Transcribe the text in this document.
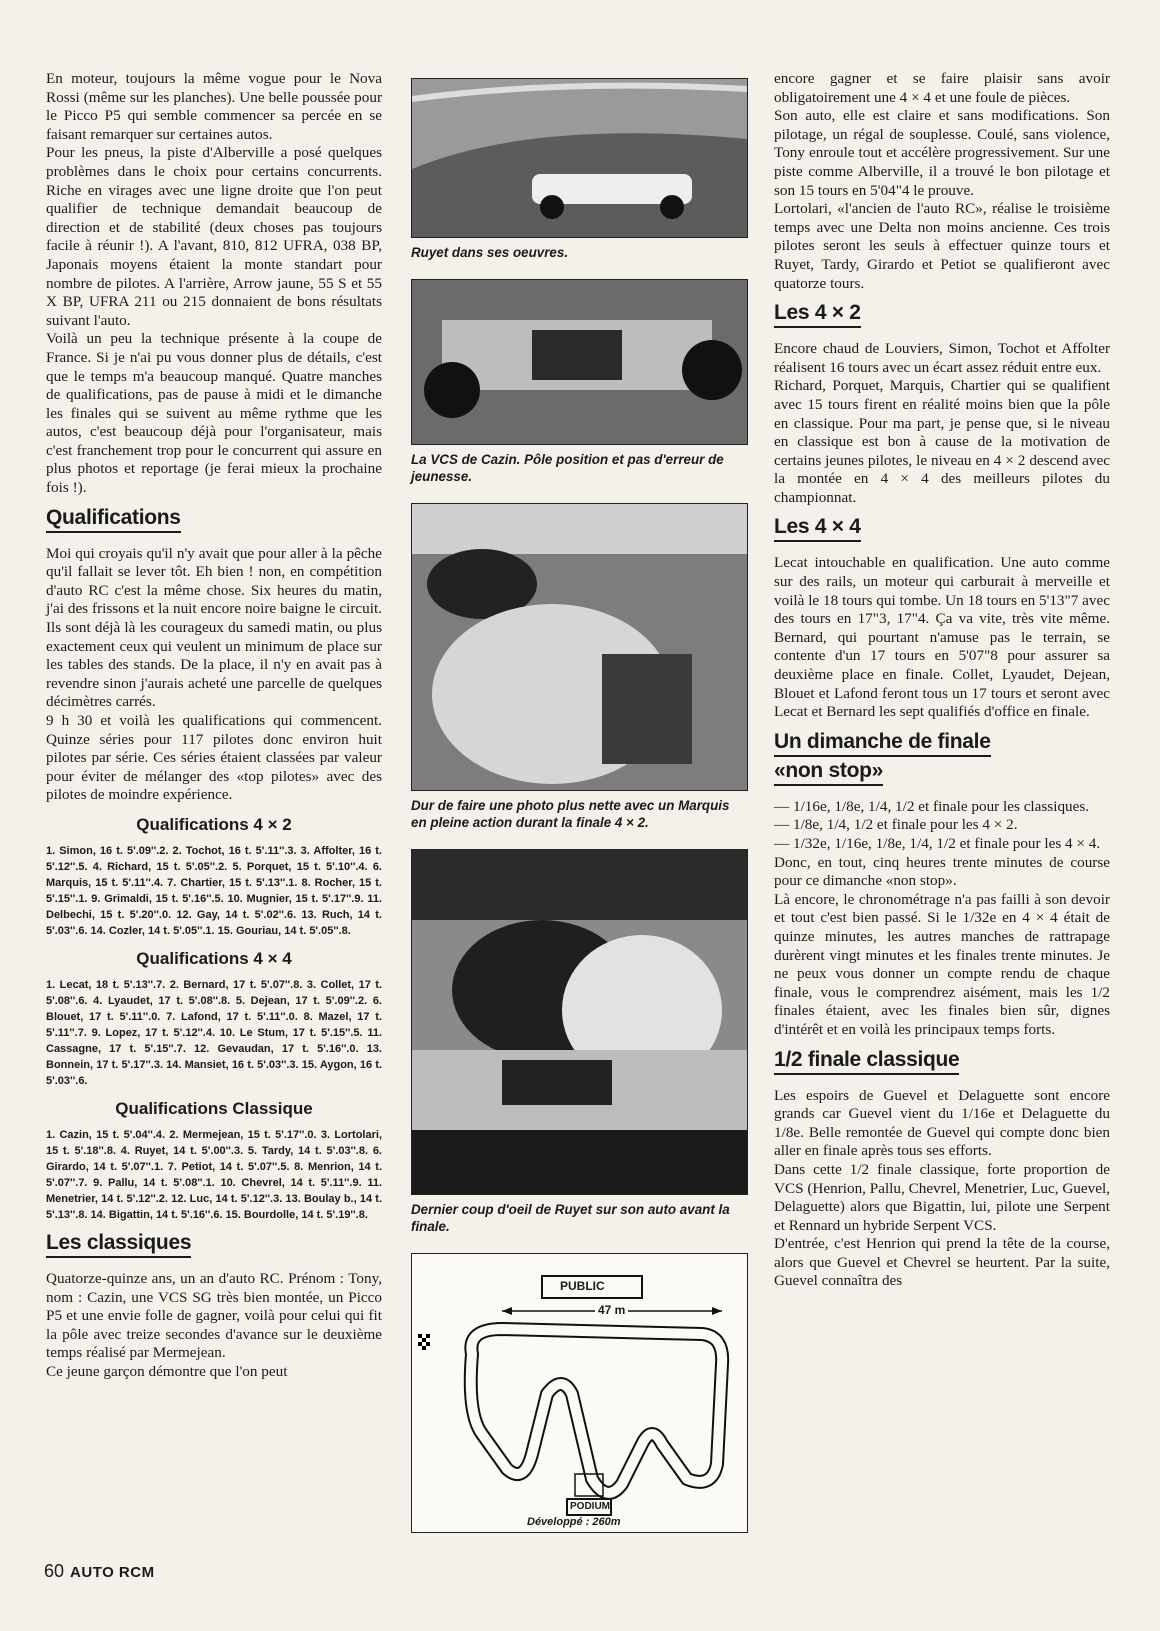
En moteur, toujours la même vogue pour le Nova Rossi (même sur les planches). Une belle poussée pour le Picco P5 qui semble commencer sa percée en se faisant remarquer sur certaines autos.

Pour les pneus, la piste d'Alberville a posé quelques problèmes dans le choix pour certains concurrents. Riche en virages avec une ligne droite que l'on peut qualifier de technique demandait beaucoup de direction et de stabilité (deux choses pas toujours facile à réunir !). A l'avant, 810, 812 UFRA, 038 BP, Japonais moyens étaient la monte standart pour nombre de pilotes. A l'arrière, Arrow jaune, 55 S et 55 X BP, UFRA 211 ou 215 donnaient de bons résultats suivant l'auto.

Voilà un peu la technique présente à la coupe de France. Si je n'ai pu vous donner plus de détails, c'est que le temps m'a beaucoup manqué. Quatre manches de qualifications, pas de pause à midi et le dimanche les finales qui se suivent au même rythme que les autos, c'est beaucoup déjà pour l'organisateur, mais c'est franchement trop pour le concurrent qui assure en plus photos et reportage (je ferai mieux la prochaine fois !).

Qualifications

Moi qui croyais qu'il n'y avait que pour aller à la pêche qu'il fallait se lever tôt. Eh bien ! non, en compétition d'auto RC c'est la même chose. Six heures du matin, j'ai des frissons et la nuit encore noire baigne le circuit. Ils sont déjà là les courageux du samedi matin, ou plus exactement ceux qui veulent un minimum de place sur les tables des stands. De la place, il n'y en avait pas à revendre sinon j'aurais acheté une parcelle de quelques décimètres carrés.

9 h 30 et voilà les qualifications qui commencent. Quinze séries pour 117 pilotes donc environ huit pilotes par série. Ces séries étaient classées par valeur pour éviter de mélanger des «top pilotes» avec des pilotes de moindre expérience.

Qualifications 4 × 2

1. Simon, 16 t. 5'.09''.2. 2. Tochot, 16 t. 5'.11''.3. 3. Affolter, 16 t. 5'.12''.5. 4. Richard, 15 t. 5'.05''.2. 5. Porquet, 15 t. 5'.10''.4. 6. Marquis, 15 t. 5'.11''.4. 7. Chartier, 15 t. 5'.13''.1. 8. Rocher, 15 t. 5'.15''.1. 9. Grimaldi, 15 t. 5'.16''.5. 10. Mugnier, 15 t. 5'.17''.9. 11. Delbechi, 15 t. 5'.20''.0. 12. Gay, 14 t. 5'.02''.6. 13. Ruch, 14 t. 5'.03''.6. 14. Cozler, 14 t. 5'.05''.1. 15. Gouriau, 14 t. 5'.05''.8.

Qualifications 4 × 4

1. Lecat, 18 t. 5'.13''.7. 2. Bernard, 17 t. 5'.07''.8. 3. Collet, 17 t. 5'.08''.6. 4. Lyaudet, 17 t. 5'.08''.8. 5. Dejean, 17 t. 5'.09''.2. 6. Blouet, 17 t. 5'.11''.0. 7. Lafond, 17 t. 5'.11''.0. 8. Mazel, 17 t. 5'.11''.7. 9. Lopez, 17 t. 5'.12''.4. 10. Le Stum, 17 t. 5'.15''.5. 11. Cassagne, 17 t. 5'.15''.7. 12. Gevaudan, 17 t. 5'.16''.0. 13. Bonnein, 17 t. 5'.17''.3. 14. Mansiet, 16 t. 5'.03''.3. 15. Aygon, 16 t. 5'.03''.6.

Qualifications Classique

1. Cazin, 15 t. 5'.04''.4. 2. Mermejean, 15 t. 5'.17''.0. 3. Lortolari, 15 t. 5'.18''.8. 4. Ruyet, 14 t. 5'.00''.3. 5. Tardy, 14 t. 5'.03''.8. 6. Girardo, 14 t. 5'.07''.1. 7. Petiot, 14 t. 5'.07''.5. 8. Menrion, 14 t. 5'.07''.7. 9. Pallu, 14 t. 5'.08''.1. 10. Chevrel, 14 t. 5'.11''.9. 11. Menetrier, 14 t. 5'.12''.2. 12. Luc, 14 t. 5'.12''.3. 13. Boulay b., 14 t. 5'.13''.8. 14. Bigattin, 14 t. 5'.16''.6. 15. Bourdolle, 14 t. 5'.19''.8.

Les classiques

Quatorze-quinze ans, un an d'auto RC. Prénom : Tony, nom : Cazin, une VCS SG très bien montée, un Picco P5 et une envie folle de gagner, voilà pour celui qui fit la pôle avec treize secondes d'avance sur le deuxième temps réalisé par Mermejean.

Ce jeune garçon démontre que l'on peut

Ruyet dans ses oeuvres.
La VCS de Cazin. Pôle position et pas d'erreur de jeunesse.
Dur de faire une photo plus nette avec un Marquis en pleine action durant la finale 4 × 2.
Dernier coup d'oeil de Ruyet sur son auto avant la finale.
PUBLIC
47 m
PODIUM
Développé : 260m

encore gagner et se faire plaisir sans avoir obligatoirement une 4 × 4 et une foule de pièces.

Son auto, elle est claire et sans modifications. Son pilotage, un régal de souplesse. Coulé, sans violence, Tony enroule tout et accélère progressivement. Sur une piste comme Alberville, il a trouvé le bon pilotage et son 15 tours en 5'04"4 le prouve.

Lortolari, «l'ancien de l'auto RC», réalise le troisième temps avec une Delta non moins ancienne. Ces trois pilotes seront les seuls à effectuer quinze tours et Ruyet, Tardy, Girardo et Petiot se qualifieront avec quatorze tours.

Les 4 × 2

Encore chaud de Louviers, Simon, Tochot et Affolter réalisent 16 tours avec un écart assez réduit entre eux.

Richard, Porquet, Marquis, Chartier qui se qualifient avec 15 tours firent en réalité moins bien que la pôle en classique. Pour ma part, je pense que, si le niveau en classique est bon à cause de la motivation de certains jeunes pilotes, le niveau en 4 × 2 descend avec la montée en 4 × 4 des meilleurs pilotes du championnat.

Les 4 × 4

Lecat intouchable en qualification. Une auto comme sur des rails, un moteur qui carburait à merveille et voilà le 18 tours qui tombe. Un 18 tours en 5'13"7 avec des tours en 17"3, 17"4. Ça va vite, très vite même. Bernard, qui pourtant n'amuse pas le terrain, se contente d'un 17 tours en 5'07"8 pour assurer sa deuxième place en finale. Collet, Lyaudet, Dejean, Blouet et Lafond feront tous un 17 tours et seront avec Lecat et Bernard les sept qualifiés d'office en finale.

Un dimanche de finale
«non stop»

— 1/16e, 1/8e, 1/4, 1/2 et finale pour les classiques.

— 1/8e, 1/4, 1/2 et finale pour les 4 × 2.

— 1/32e, 1/16e, 1/8e, 1/4, 1/2 et finale pour les 4 × 4.

Donc, en tout, cinq heures trente minutes de course pour ce dimanche «non stop».

Là encore, le chronométrage n'a pas failli à son devoir et tout c'est bien passé. Si le 1/32e en 4 × 4 était de quinze minutes, les autres manches de rattrapage durèrent vingt minutes et les finales trente minutes. Je ne peux vous donner un compte rendu de chaque finale, vous le comprendrez aisément, mais les 1/2 finales étaient, avec les finales bien sûr, dignes d'intérêt et en voilà les principaux temps forts.

1/2 finale classique

Les espoirs de Guevel et Delaguette sont encore grands car Guevel vient du 1/16e et Delaguette du 1/8e. Belle remontée de Guevel qui compte donc bien aller en finale après tous ses efforts.

Dans cette 1/2 finale classique, forte proportion de VCS (Henrion, Pallu, Chevrel, Menetrier, Luc, Guevel, Delaguette) alors que Bigattin, lui, pilote une Serpent et Rennard un hybride Serpent VCS.

D'entrée, c'est Henrion qui prend la tête de la course, alors que Guevel et Chevrel se heurtent. Par la suite, Guevel connaîtra des

60 AUTO RCM
